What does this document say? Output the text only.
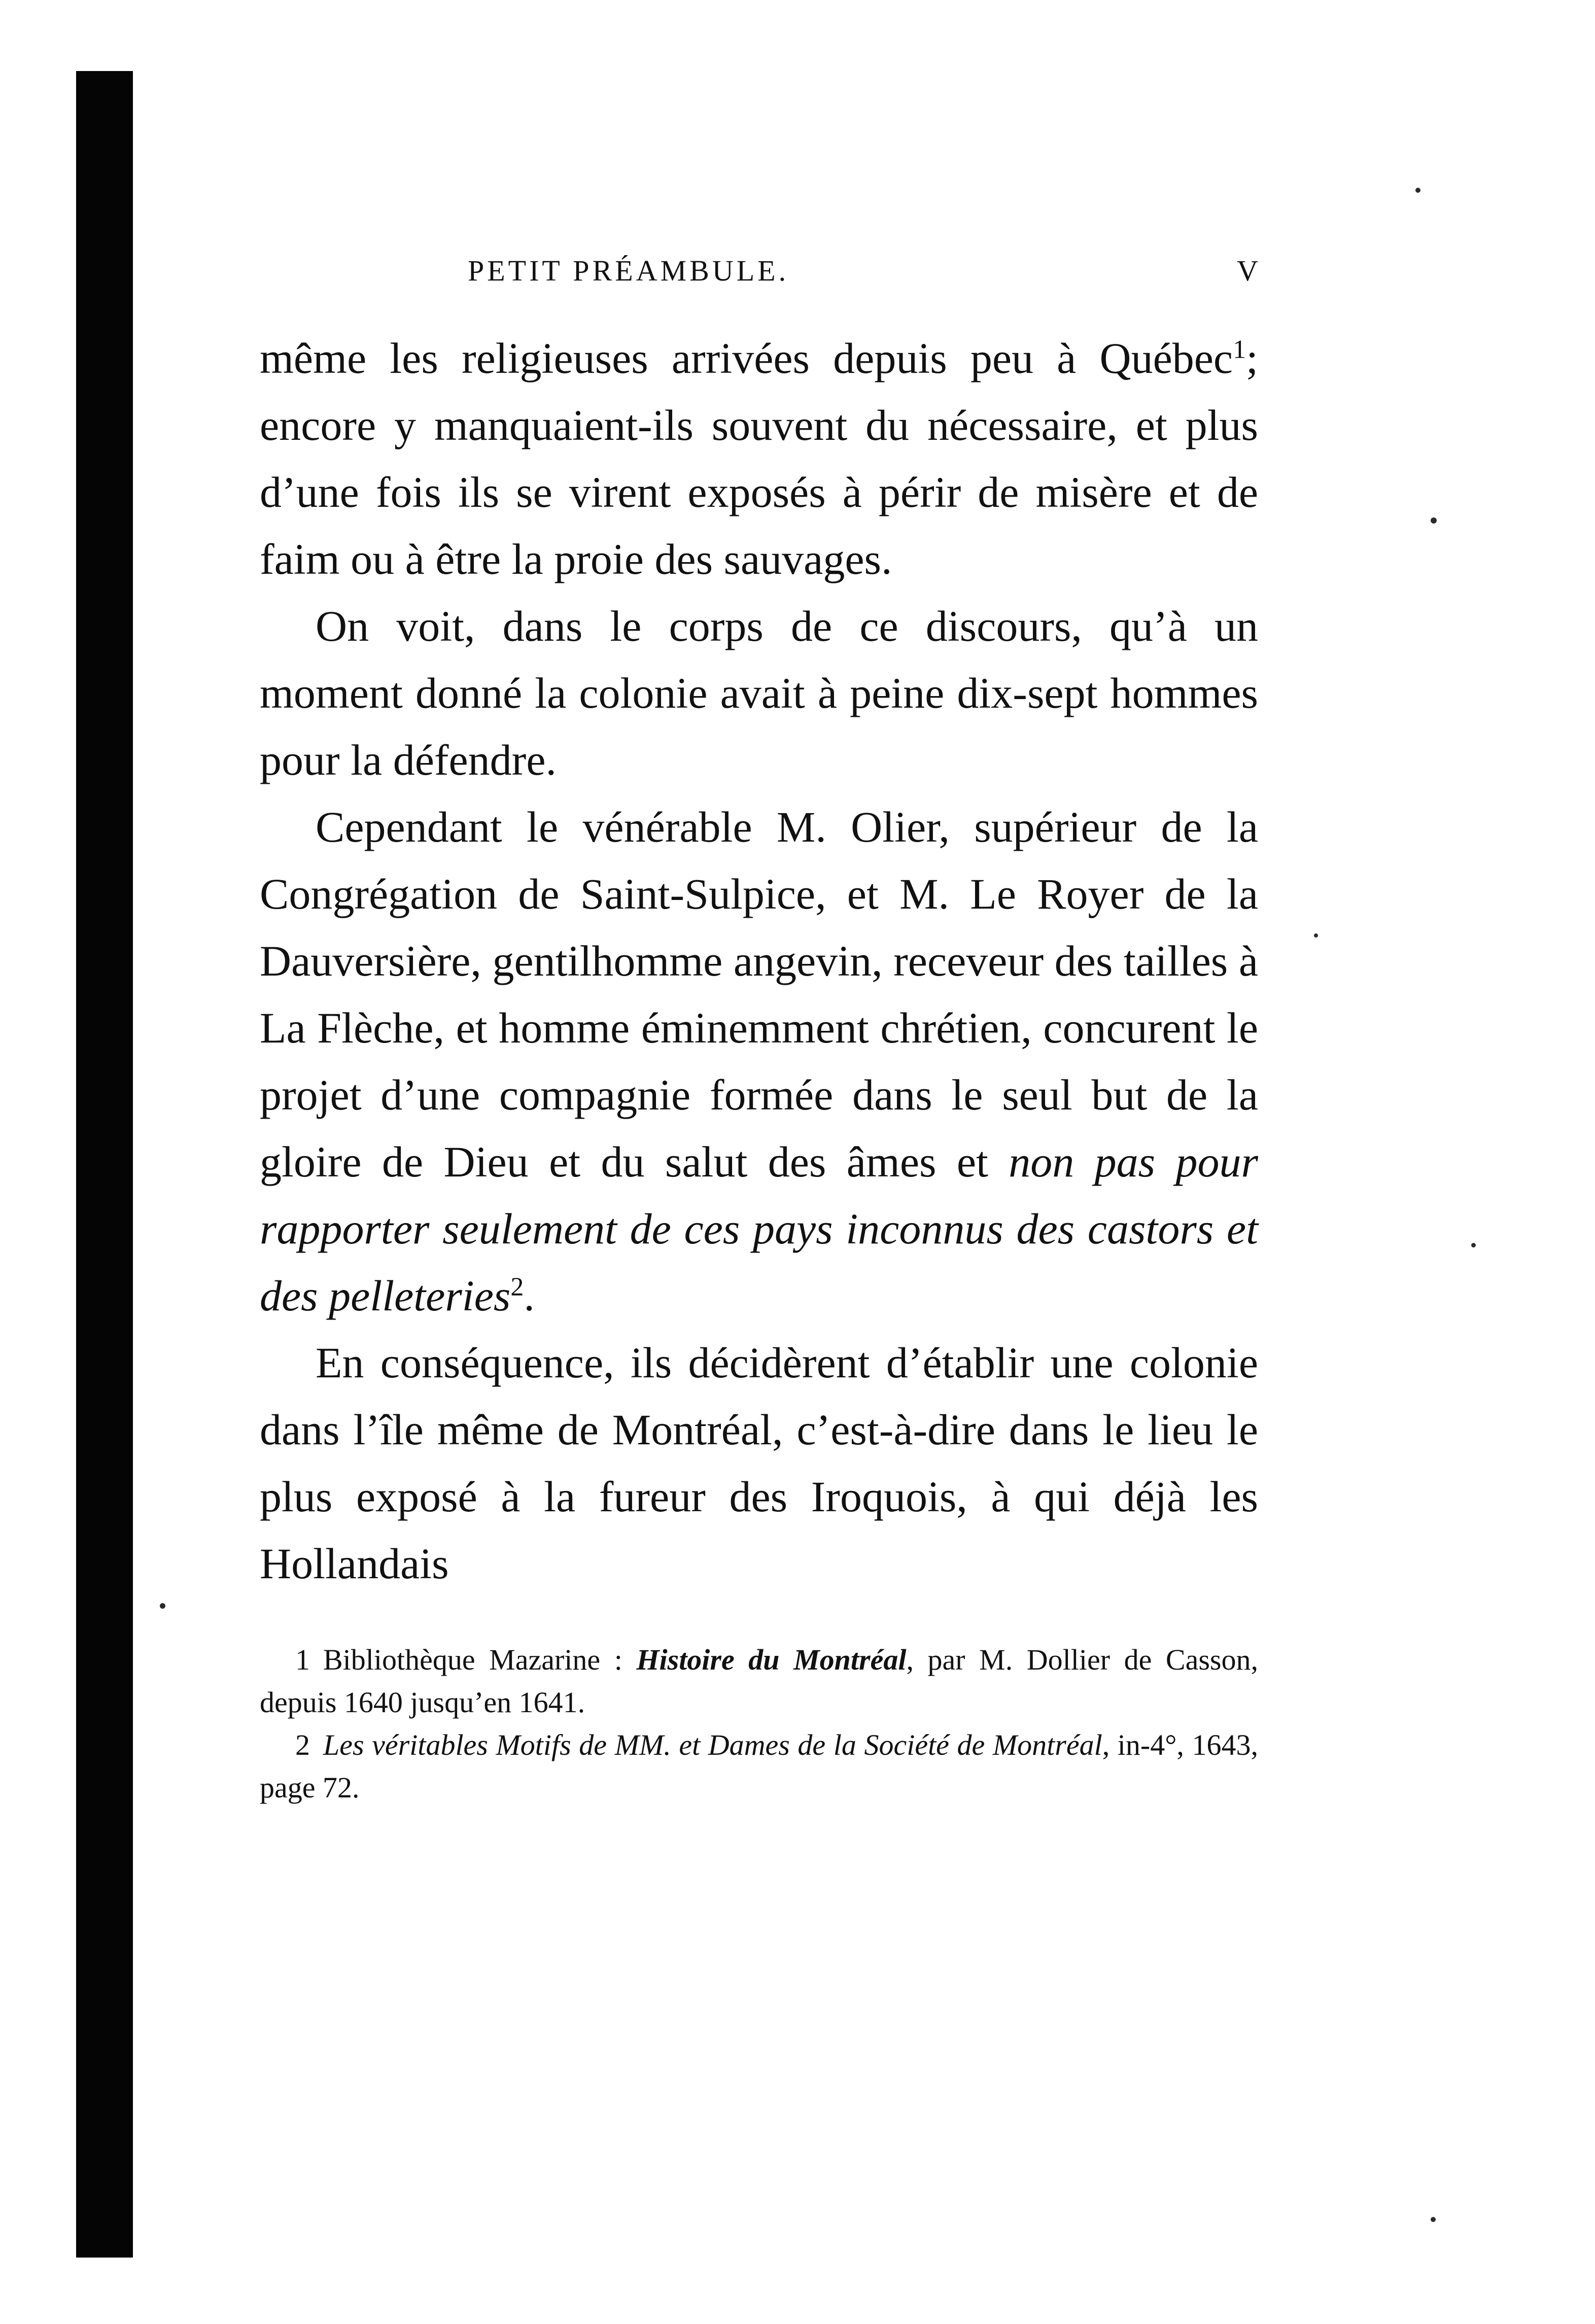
PETIT PRÉAMBULE.	V

même les religieuses arrivées depuis peu à Québec$^1$; encore y manquaient-ils souvent du nécessaire, et plus d’une fois ils se virent exposés à périr de misère et de faim ou à être la proie des sauvages.

On voit, dans le corps de ce discours, qu’à un moment donné la colonie avait à peine dix-sept hommes pour la défendre.

Cependant le vénérable M. Olier, supérieur de la Congrégation de Saint-Sulpice, et M. Le Royer de la Dauversière, gentilhomme angevin, receveur des tailles à La Flèche, et homme éminemment chrétien, concurent le projet d’une compagnie formée dans le seul but de la gloire de Dieu et du salut des âmes et non pas pour rapporter seulement de ces pays inconnus des castors et des pelleteries$^2$.

En conséquence, ils décidèrent d’établir une colonie dans l’île même de Montréal, c’est-à-dire dans le lieu le plus exposé à la fureur des Iroquois, à qui déjà les Hollandais

1 Bibliothèque Mazarine : Histoire du Montréal, par M. Dollier de Casson, depuis 1640 jusqu’en 1641.

2 Les véritables Motifs de MM. et Dames de la Société de Montréal, in-4°, 1643, page 72.
